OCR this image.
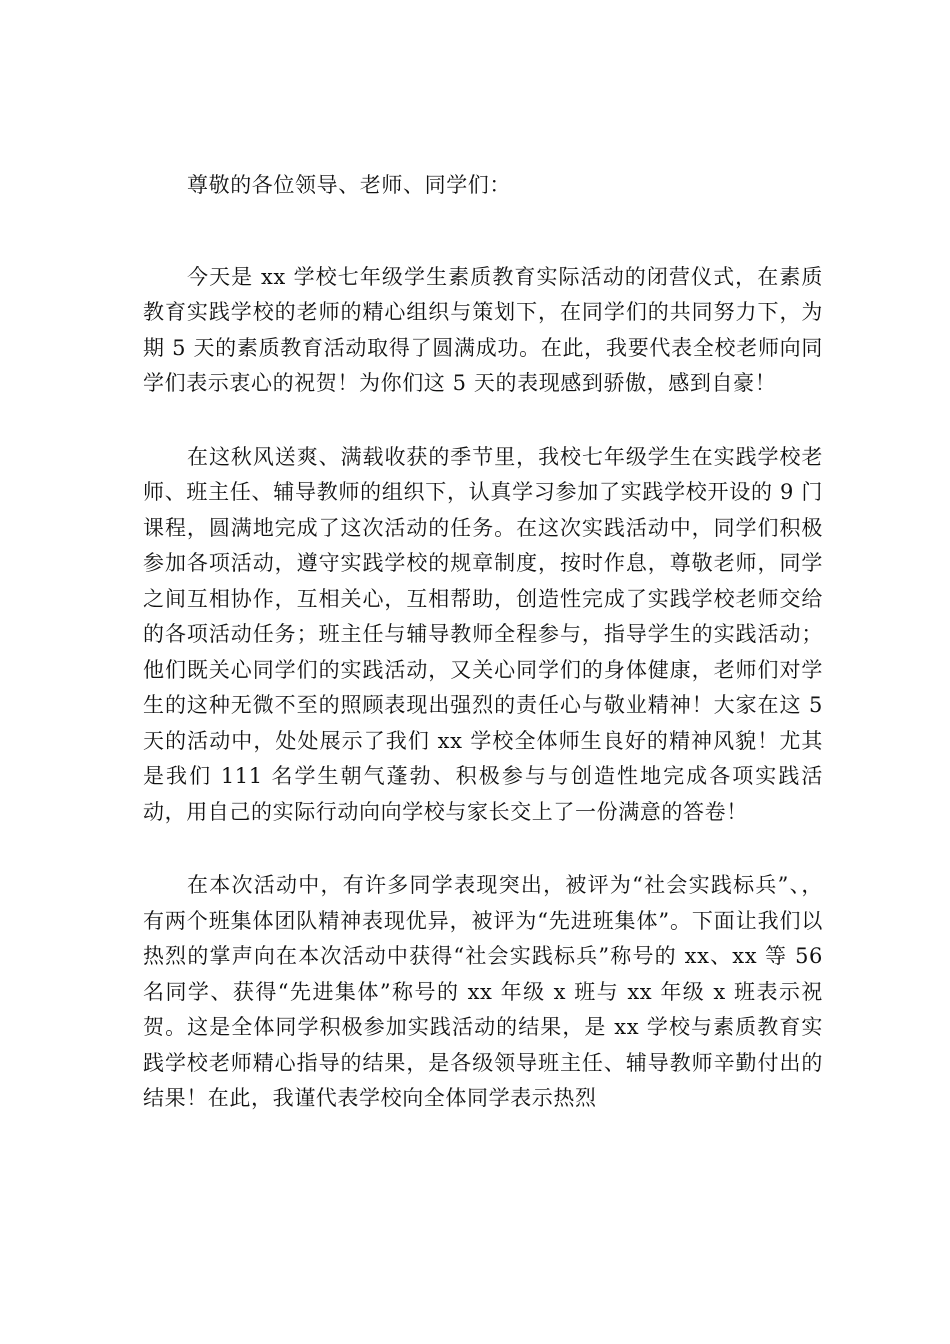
尊敬的各位领导、老师、同学们：

今天是 xx 学校七年级学生素质教育实际活动的闭营仪式，在素质教育实践学校的老师的精心组织与策划下，在同学们的共同努力下，为期 5 天的素质教育活动取得了圆满成功。在此，我要代表全校老师向同学们表示衷心的祝贺！为你们这 5 天的表现感到骄傲，感到自豪！

在这秋风送爽、满载收获的季节里，我校七年级学生在实践学校老师、班主任、辅导教师的组织下，认真学习参加了实践学校开设的 9 门课程，圆满地完成了这次活动的任务。在这次实践活动中，同学们积极参加各项活动，遵守实践学校的规章制度，按时作息，尊敬老师，同学之间互相协作，互相关心，互相帮助，创造性完成了实践学校老师交给的各项活动任务；班主任与辅导教师全程参与，指导学生的实践活动；他们既关心同学们的实践活动，又关心同学们的身体健康，老师们对学生的这种无微不至的照顾表现出强烈的责任心与敬业精神！大家在这 5 天的活动中，处处展示了我们 xx 学校全体师生良好的精神风貌！尤其是我们 111 名学生朝气蓬勃、积极参与与创造性地完成各项实践活动，用自己的实际行动向向学校与家长交上了一份满意的答卷！

在本次活动中，有许多同学表现突出，被评为“社会实践标兵”、，有两个班集体团队精神表现优异，被评为“先进班集体”。下面让我们以热烈的掌声向在本次活动中获得“社会实践标兵”称号的 xx、xx 等 56 名同学、获得“先进集体”称号的 xx 年级 x 班与 xx 年级 x 班表示祝贺。这是全体同学积极参加实践活动的结果，是 xx 学校与素质教育实践学校老师精心指导的结果，是各级领导班主任、辅导教师辛勤付出的结果！在此，我谨代表学校向全体同学表示热烈
